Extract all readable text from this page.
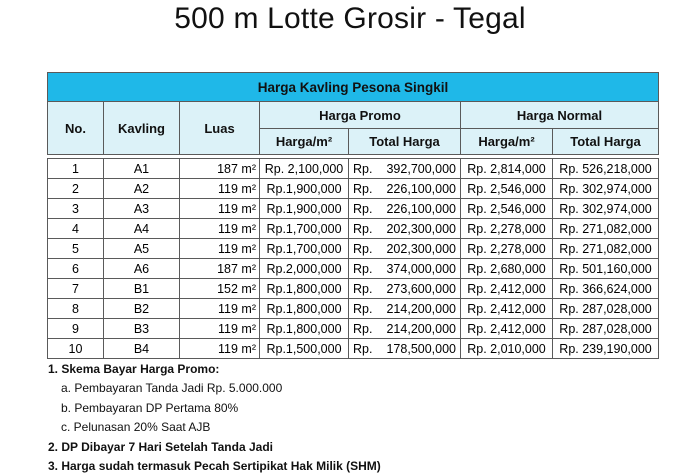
500 m Lotte Grosir - Tegal
Harga Kavling Pesona Singkil						
No.	Kavling	Luas	Harga Promo		Harga Normal	
			Harga/m²	Total Harga	Harga/m²	Total Harga

1	A1	187 m²	Rp. 2,100,000	Rp. 392,700,000	Rp. 2,814,000	Rp. 526,218,000
2	A2	119 m²	Rp.1,900,000	Rp. 226,100,000	Rp. 2,546,000	Rp. 302,974,000
3	A3	119 m²	Rp.1,900,000	Rp. 226,100,000	Rp. 2,546,000	Rp. 302,974,000
4	A4	119 m²	Rp.1,700,000	Rp. 202,300,000	Rp. 2,278,000	Rp. 271,082,000
5	A5	119 m²	Rp.1,700,000	Rp. 202,300,000	Rp. 2,278,000	Rp. 271,082,000
6	A6	187 m²	Rp.2,000,000	Rp. 374,000,000	Rp. 2,680,000	Rp. 501,160,000
7	B1	152 m²	Rp.1,800,000	Rp. 273,600,000	Rp. 2,412,000	Rp. 366,624,000
8	B2	119 m²	Rp.1,800,000	Rp. 214,200,000	Rp. 2,412,000	Rp. 287,028,000
9	B3	119 m²	Rp.1,800,000	Rp. 214,200,000	Rp. 2,412,000	Rp. 287,028,000
10	B4	119 m²	Rp.1,500,000	Rp. 178,500,000	Rp. 2,010,000	Rp. 239,190,000
1. Skema Bayar Harga Promo:
a. Pembayaran Tanda Jadi Rp. 5.000.000
b. Pembayaran DP Pertama 80%
c. Pelunasan 20% Saat AJB
2. DP Dibayar 7 Hari Setelah Tanda Jadi
3. Harga sudah termasuk Pecah Sertipikat Hak Milik (SHM)
